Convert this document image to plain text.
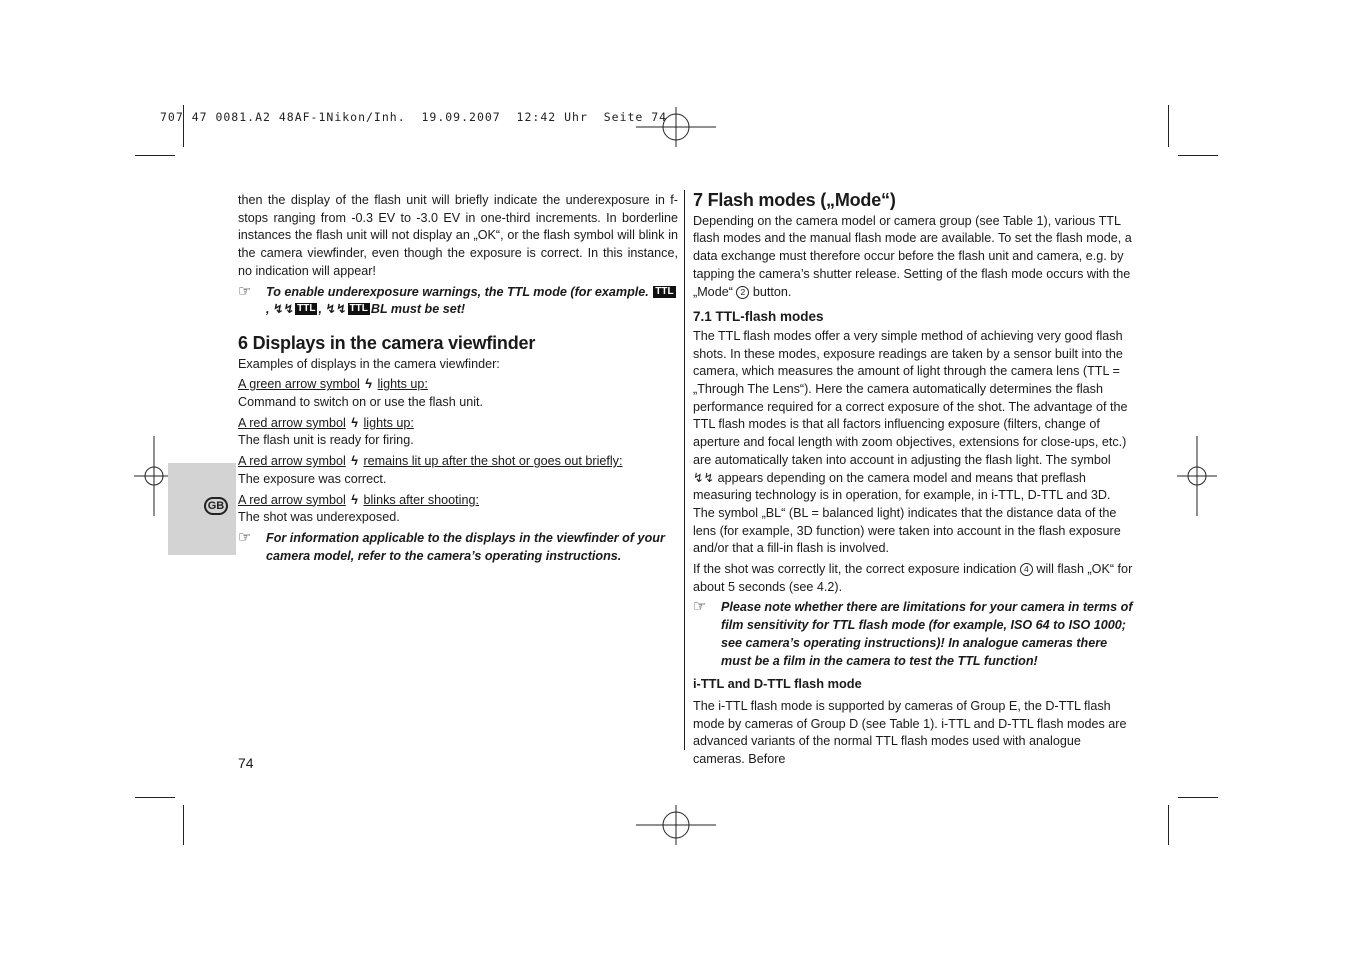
707 47 0081.A2 48AF-1Nikon/Inh.  19.09.2007  12:42 Uhr  Seite 74
GB

then the display of the flash unit will briefly indicate the underexposure in f-stops ranging from -0.3 EV to -3.0 EV in one-third increments. In borderline instances the flash unit will not display an „OK“, or the flash symbol will blink in the camera viewfinder, even though the exposure is correct. In this instance, no indication will appear!

☞ To enable underexposure warnings, the TTL mode (for example. TTL, ↯↯ TTL , ↯↯ TTL BL must be set!
6 Displays in the camera viewfinder

Examples of displays in the camera viewfinder:

A green arrow symbol ϟ lights up:

Command to switch on or use the flash unit.

A red arrow symbol ϟ lights up:

The flash unit is ready for firing.

A red arrow symbol ϟ remains lit up after the shot or goes out briefly:

The exposure was correct.

A red arrow symbol ϟ blinks after shooting:

The shot was underexposed.

☞ For information applicable to the displays in the viewfinder of your camera model, refer to the camera’s operating instructions.
7 Flash modes („Mode“)

Depending on the camera model or camera group (see Table 1), various TTL flash modes and the manual flash mode are available. To set the flash mode, a data exchange must therefore occur before the flash unit and camera, e.g. by tapping the camera’s shutter release. Setting of the flash mode occurs with the „Mode“ 2 button.

7.1 TTL-flash modes

The TTL flash modes offer a very simple method of achieving very good flash shots. In these modes, exposure readings are taken by a sensor built into the camera, which measures the amount of light through the camera lens (TTL = „Through The Lens“). Here the camera automatically determines the flash performance required for a correct exposure of the shot. The advantage of the TTL flash modes is that all factors influencing exposure (filters, change of aperture and focal length with zoom objectives, extensions for close-ups, etc.) are automatically taken into account in adjusting the flash light. The symbol ↯↯ appears depending on the camera model and means that preflash measuring technology is in operation, for example, in i-TTL, D-TTL and 3D. The symbol „BL“ (BL = balanced light) indicates that the distance data of the lens (for example, 3D function) were taken into account in the flash exposure and/or that a fill-in flash is involved.

If the shot was correctly lit, the correct exposure indication 4 will flash „OK“ for about 5 seconds (see 4.2).

☞ Please note whether there are limitations for your camera in terms of film sensitivity for TTL flash mode (for example, ISO 64 to ISO 1000; see camera’s operating instructions)! In analogue cameras there must be a film in the camera to test the TTL function!
i-TTL and D-TTL flash mode

The i-TTL flash mode is supported by cameras of Group E, the D-TTL flash mode by cameras of Group D (see Table 1). i-TTL and D-TTL flash modes are advanced variants of the normal TTL flash modes used with analogue cameras. Before

74
